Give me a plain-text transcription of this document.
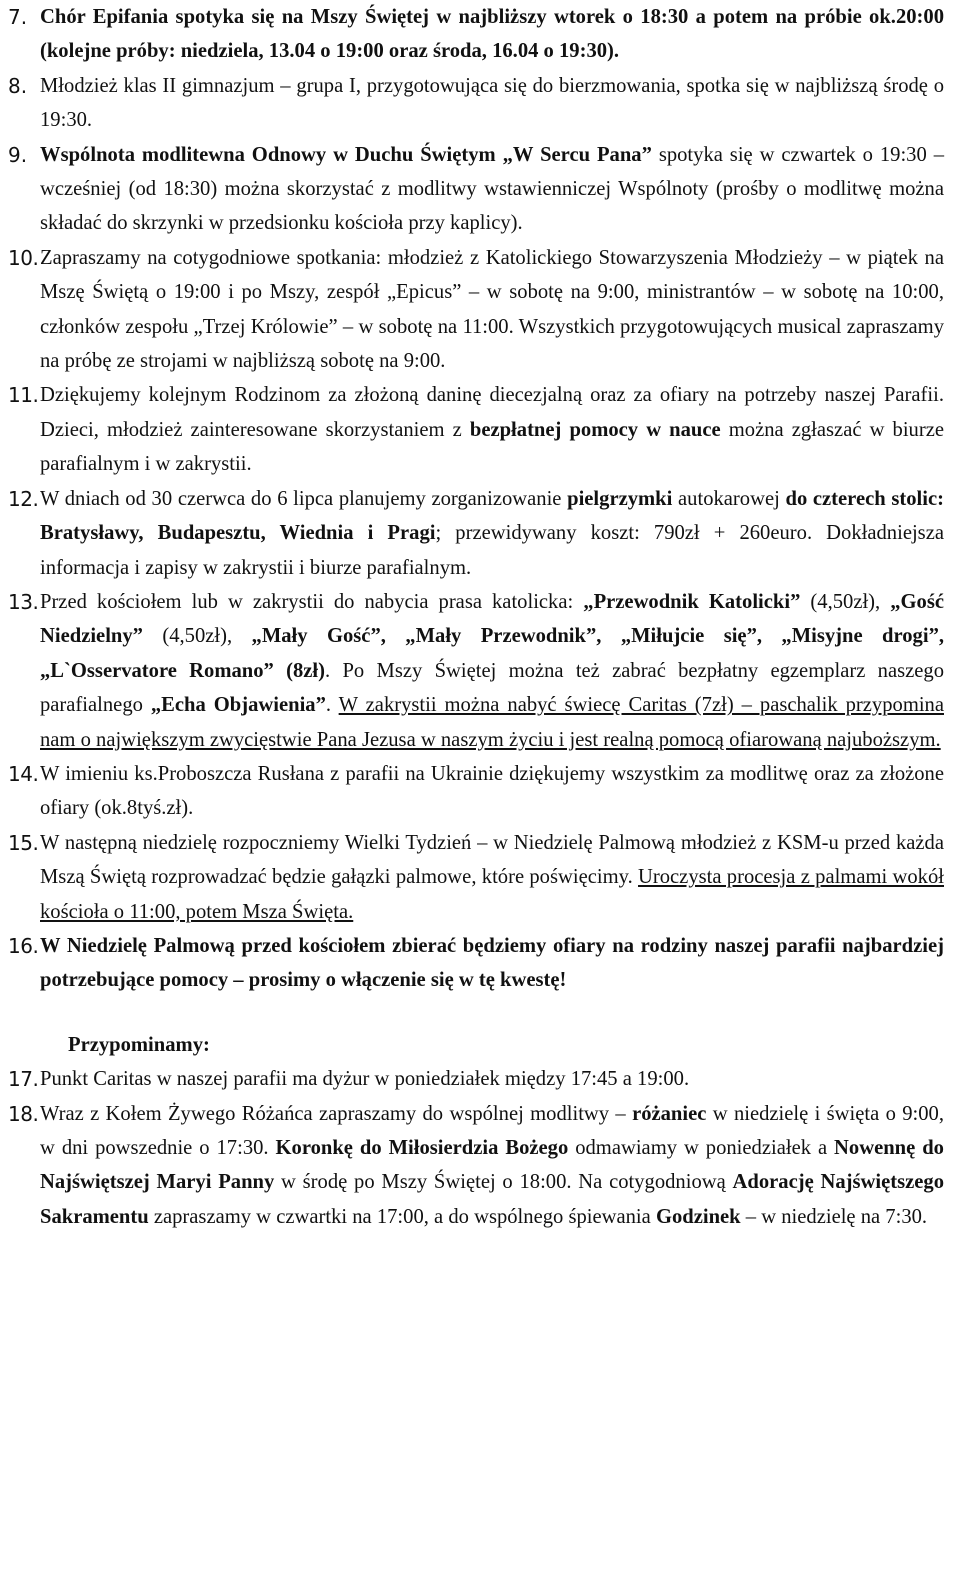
7. Chór Epifania spotyka się na Mszy Świętej w najbliższy wtorek o 18:30 a potem na próbie ok.20:00 (kolejne próby: niedziela, 13.04 o 19:00 oraz środa, 16.04 o 19:30).

8. Młodzież klas II gimnazjum – grupa I, przygotowująca się do bierzmowania, spotka się w najbliższą środę o 19:30.

9. Wspólnota modlitewna Odnowy w Duchu Świętym „W Sercu Pana” spotyka się w czwartek o 19:30 – wcześniej (od 18:30) można skorzystać z modlitwy wstawienniczej Wspólnoty (prośby o modlitwę można składać do skrzynki w przedsionku kościoła przy kaplicy).

10. Zapraszamy na cotygodniowe spotkania: młodzież z Katolickiego Stowarzyszenia Młodzieży – w piątek na Mszę Świętą o 19:00 i po Mszy, zespół „Epicus” – w sobotę na 9:00, ministrantów – w sobotę na 10:00, członków zespołu „Trzej Królowie” – w sobotę na 11:00. Wszystkich przygotowujących musical zapraszamy na próbę ze strojami w najbliższą sobotę na 9:00.

11. Dziękujemy kolejnym Rodzinom za złożoną daninę diecezjalną oraz za ofiary na potrzeby naszej Parafii. Dzieci, młodzież zainteresowane skorzystaniem z bezpłatnej pomocy w nauce można zgłaszać w biurze parafialnym i w zakrystii.

12. W dniach od 30 czerwca do 6 lipca planujemy zorganizowanie pielgrzymki autokarowej do czterech stolic: Bratysławy, Budapesztu, Wiednia i Pragi; przewidywany koszt: 790zł + 260euro. Dokładniejsza informacja i zapisy w zakrystii i biurze parafialnym.

13. Przed kościołem lub w zakrystii do nabycia prasa katolicka: „Przewodnik Katolicki” (4,50zł), „Gość Niedzielny” (4,50zł), „Mały Gość”, „Mały Przewodnik”, „Miłujcie się”, „Misyjne drogi”, „L`Osservatore Romano” (8zł). Po Mszy Świętej można też zabrać bezpłatny egzemplarz naszego parafialnego „Echa Objawienia”. W zakrystii można nabyć świecę Caritas (7zł) – paschalik przypomina nam o największym zwycięstwie Pana Jezusa w naszym życiu i jest realną pomocą ofiarowaną najuboższym.

14. W imieniu ks.Proboszcza Rusłana z parafii na Ukrainie dziękujemy wszystkim za modlitwę oraz za złożone ofiary (ok.8tyś.zł).

15. W następną niedzielę rozpoczniemy Wielki Tydzień – w Niedzielę Palmową młodzież z KSM-u przed każda Mszą Świętą rozprowadzać będzie gałązki palmowe, które poświęcimy. Uroczysta procesja z palmami wokół kościoła o 11:00, potem Msza Święta.

16. W Niedzielę Palmową przed kościołem zbierać będziemy ofiary na rodziny naszej parafii najbardziej potrzebujące pomocy – prosimy o włączenie się w tę kwestę!

Przypominamy:

17. Punkt Caritas w naszej parafii ma dyżur w poniedziałek między 17:45 a 19:00.

18. Wraz z Kołem Żywego Różańca zapraszamy do wspólnej modlitwy – różaniec w niedzielę i święta o 9:00, w dni powszednie o 17:30. Koronkę do Miłosierdzia Bożego odmawiamy w poniedziałek a Nowennę do Najświętszej Maryi Panny w środę po Mszy Świętej o 18:00. Na cotygodniową Adorację Najświętszego Sakramentu zapraszamy w czwartki na 17:00, a do wspólnego śpiewania Godzinek – w niedzielę na 7:30.
